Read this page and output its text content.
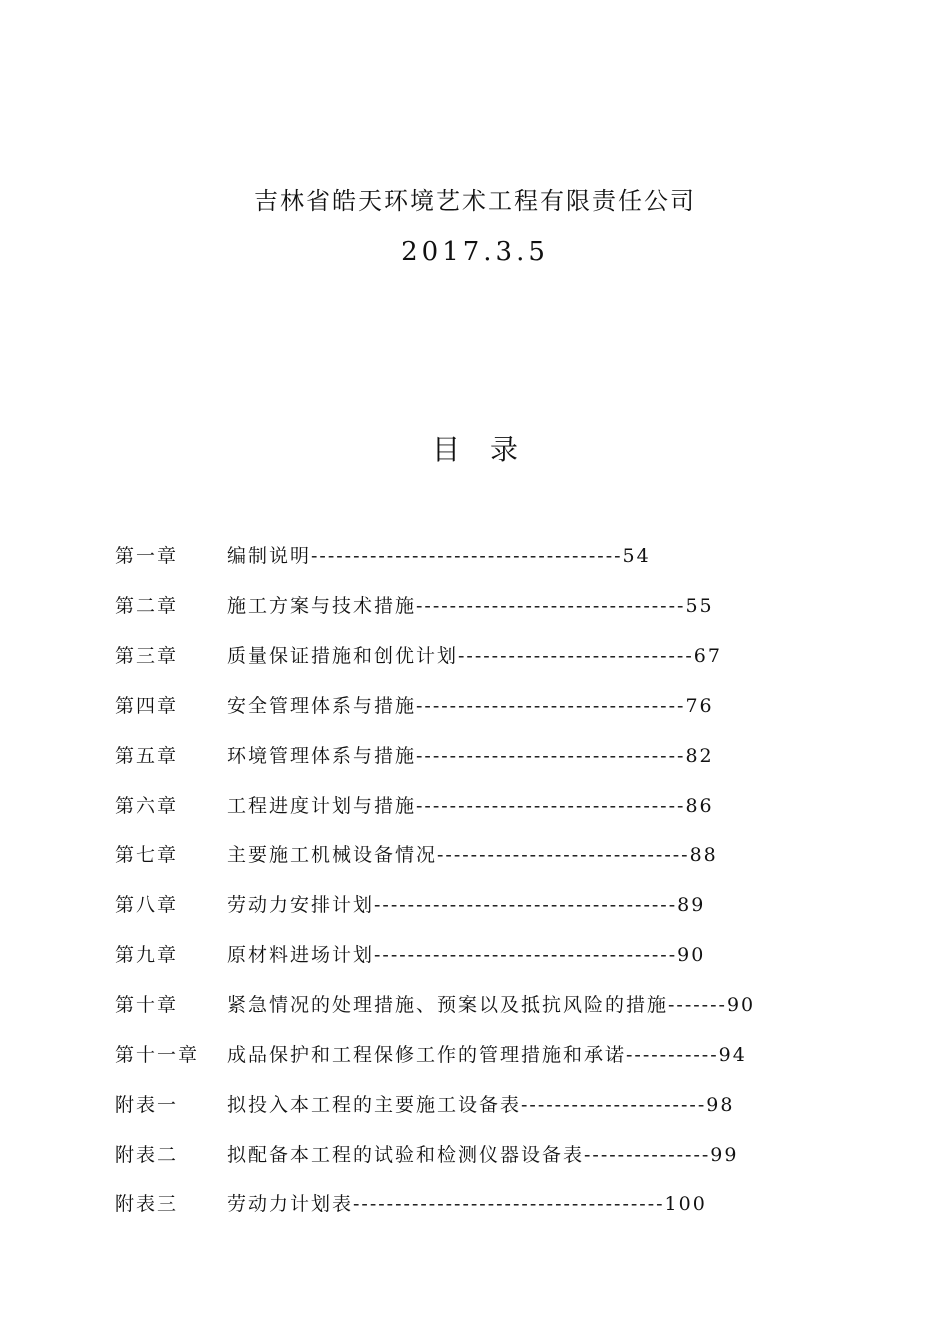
吉林省皓天环境艺术工程有限责任公司
2017.3.5
目录
第一章	编制说明-------------------------------------54
第二章	施工方案与技术措施--------------------------------55
第三章	质量保证措施和创优计划----------------------------67
第四章	安全管理体系与措施--------------------------------76
第五章	环境管理体系与措施--------------------------------82
第六章	工程进度计划与措施--------------------------------86
第七章	主要施工机械设备情况------------------------------88
第八章	劳动力安排计划------------------------------------89
第九章	原材料进场计划------------------------------------90
第十章	紧急情况的处理措施、预案以及抵抗风险的措施-------90
第十一章	成品保护和工程保修工作的管理措施和承诺-----------94
附表一	拟投入本工程的主要施工设备表----------------------98
附表二	拟配备本工程的试验和检测仪器设备表---------------99
附表三	劳动力计划表-------------------------------------100
